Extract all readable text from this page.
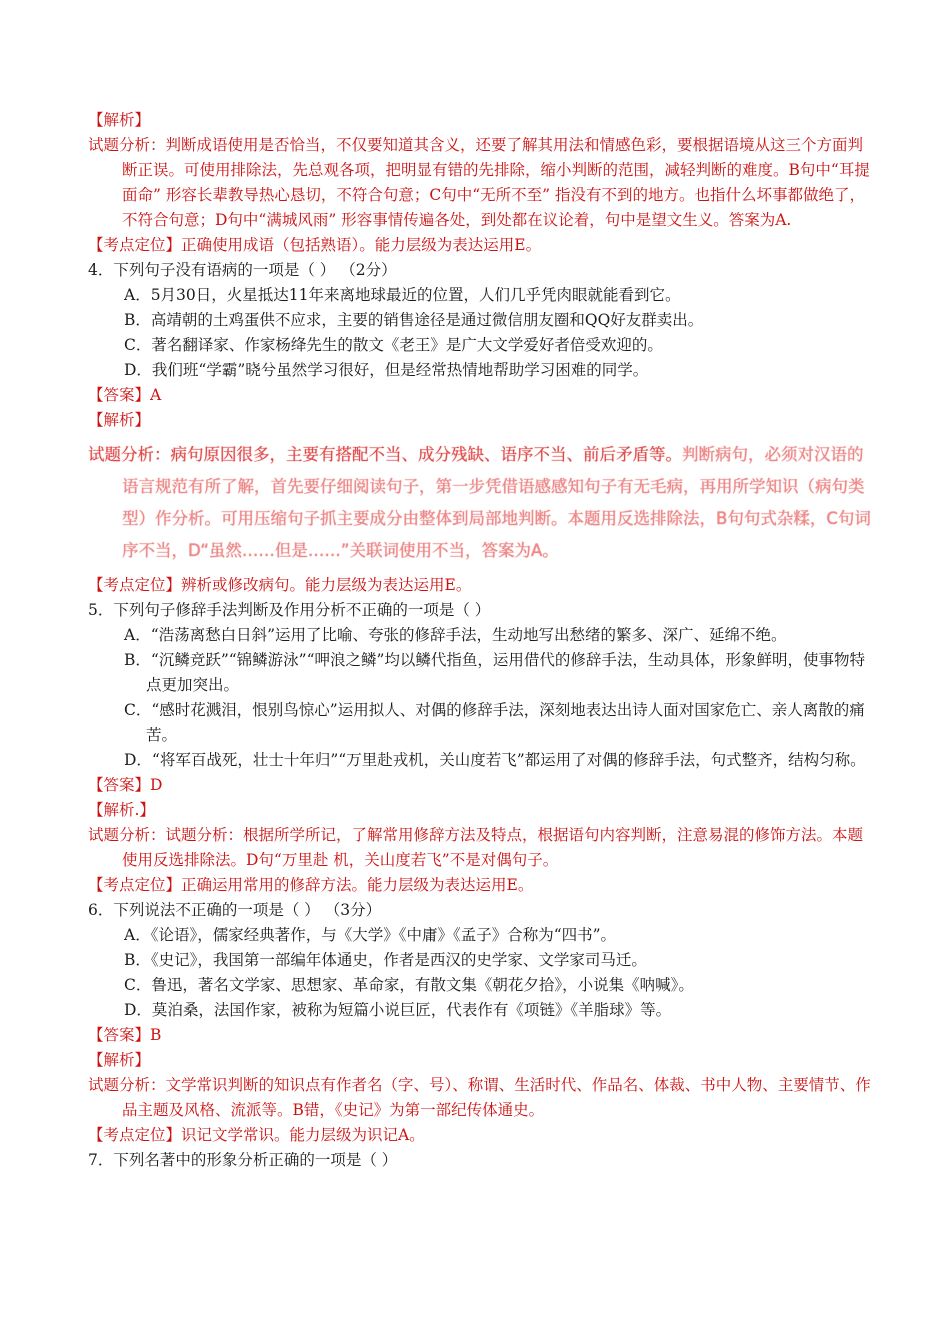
【解析】
试题分析：判断成语使用是否恰当，不仅要知道其含义，还要了解其用法和情感色彩，要根据语境从这三个方面判断正误。可使用排除法，先总观各项，把明显有错的先排除，缩小判断的范围，减轻判断的难度。B句中“耳提面命” 形容长辈教导热心恳切，不符合句意；C句中“无所不至” 指没有不到的地方。也指什么坏事都做绝了，不符合句意；D句中“满城风雨” 形容事情传遍各处，到处都在议论着，句中是望文生义。答案为A.
【考点定位】正确使用成语（包括熟语）。能力层级为表达运用E。
4．下列句子没有语病的一项是（ ） （2分）
A．5月30日，火星抵达11年来离地球最近的位置，人们几乎凭肉眼就能看到它。
B．高靖朝的土鸡蛋供不应求，主要的销售途径是通过微信朋友圈和QQ好友群卖出。
C．著名翻译家、作家杨绛先生的散文《老王》是广大文学爱好者倍受欢迎的。
D．我们班“学霸”晓兮虽然学习很好，但是经常热情地帮助学习困难的同学。
【答案】A
【解析】
试题分析：病句原因很多，主要有搭配不当、成分残缺、语序不当、前后矛盾等。判断病句，必须对汉语的语言规范有所了解，首先要仔细阅读句子，第一步凭借语感感知句子有无毛病，再用所学知识（病句类型）作分析。可用压缩句子抓主要成分由整体到局部地判断。本题用反选排除法，B句句式杂糅，C句词序不当，D“虽然……但是……”关联词使用不当，答案为A。
【考点定位】辨析或修改病句。能力层级为表达运用E。
5．下列句子修辞手法判断及作用分析不正确的一项是（ ）
A．“浩荡离愁白日斜”运用了比喻、夸张的修辞手法，生动地写出愁绪的繁多、深广、延绵不绝。
B．“沉鳞竞跃”“锦鳞游泳”“呷浪之鳞”均以鳞代指鱼，运用借代的修辞手法，生动具体，形象鲜明，使事物特点更加突出。
C．“感时花溅泪，恨别鸟惊心”运用拟人、对偶的修辞手法，深刻地表达出诗人面对国家危亡、亲人离散的痛苦。
D．“将军百战死，壮士十年归”“万里赴戎机，关山度若飞”都运用了对偶的修辞手法，句式整齐，结构匀称。
【答案】D
【解析.】
试题分析：试题分析：根据所学所记，了解常用修辞方法及特点，根据语句内容判断，注意易混的修饰方法。本题使用反选排除法。D句“万里赴 机，关山度若飞”不是对偶句子。
【考点定位】正确运用常用的修辞方法。能力层级为表达运用E。
6．下列说法不正确的一项是（ ） （3分）
A．《论语》，儒家经典著作，与《大学》《中庸》《孟子》合称为“四书”。
B．《史记》，我国第一部编年体通史，作者是西汉的史学家、文学家司马迁。
C．鲁迅，著名文学家、思想家、革命家，有散文集《朝花夕拾》，小说集《呐喊》。
D．莫泊桑，法国作家，被称为短篇小说巨匠，代表作有《项链》《羊脂球》等。
【答案】B
【解析】
试题分析：文学常识判断的知识点有作者名（字、号）、称谓、生活时代、作品名、体裁、书中人物、主要情节、作品主题及风格、流派等。B错，《史记》为第一部纪传体通史。
【考点定位】识记文学常识。能力层级为识记A。
7．下列名著中的形象分析正确的一项是（ ）
